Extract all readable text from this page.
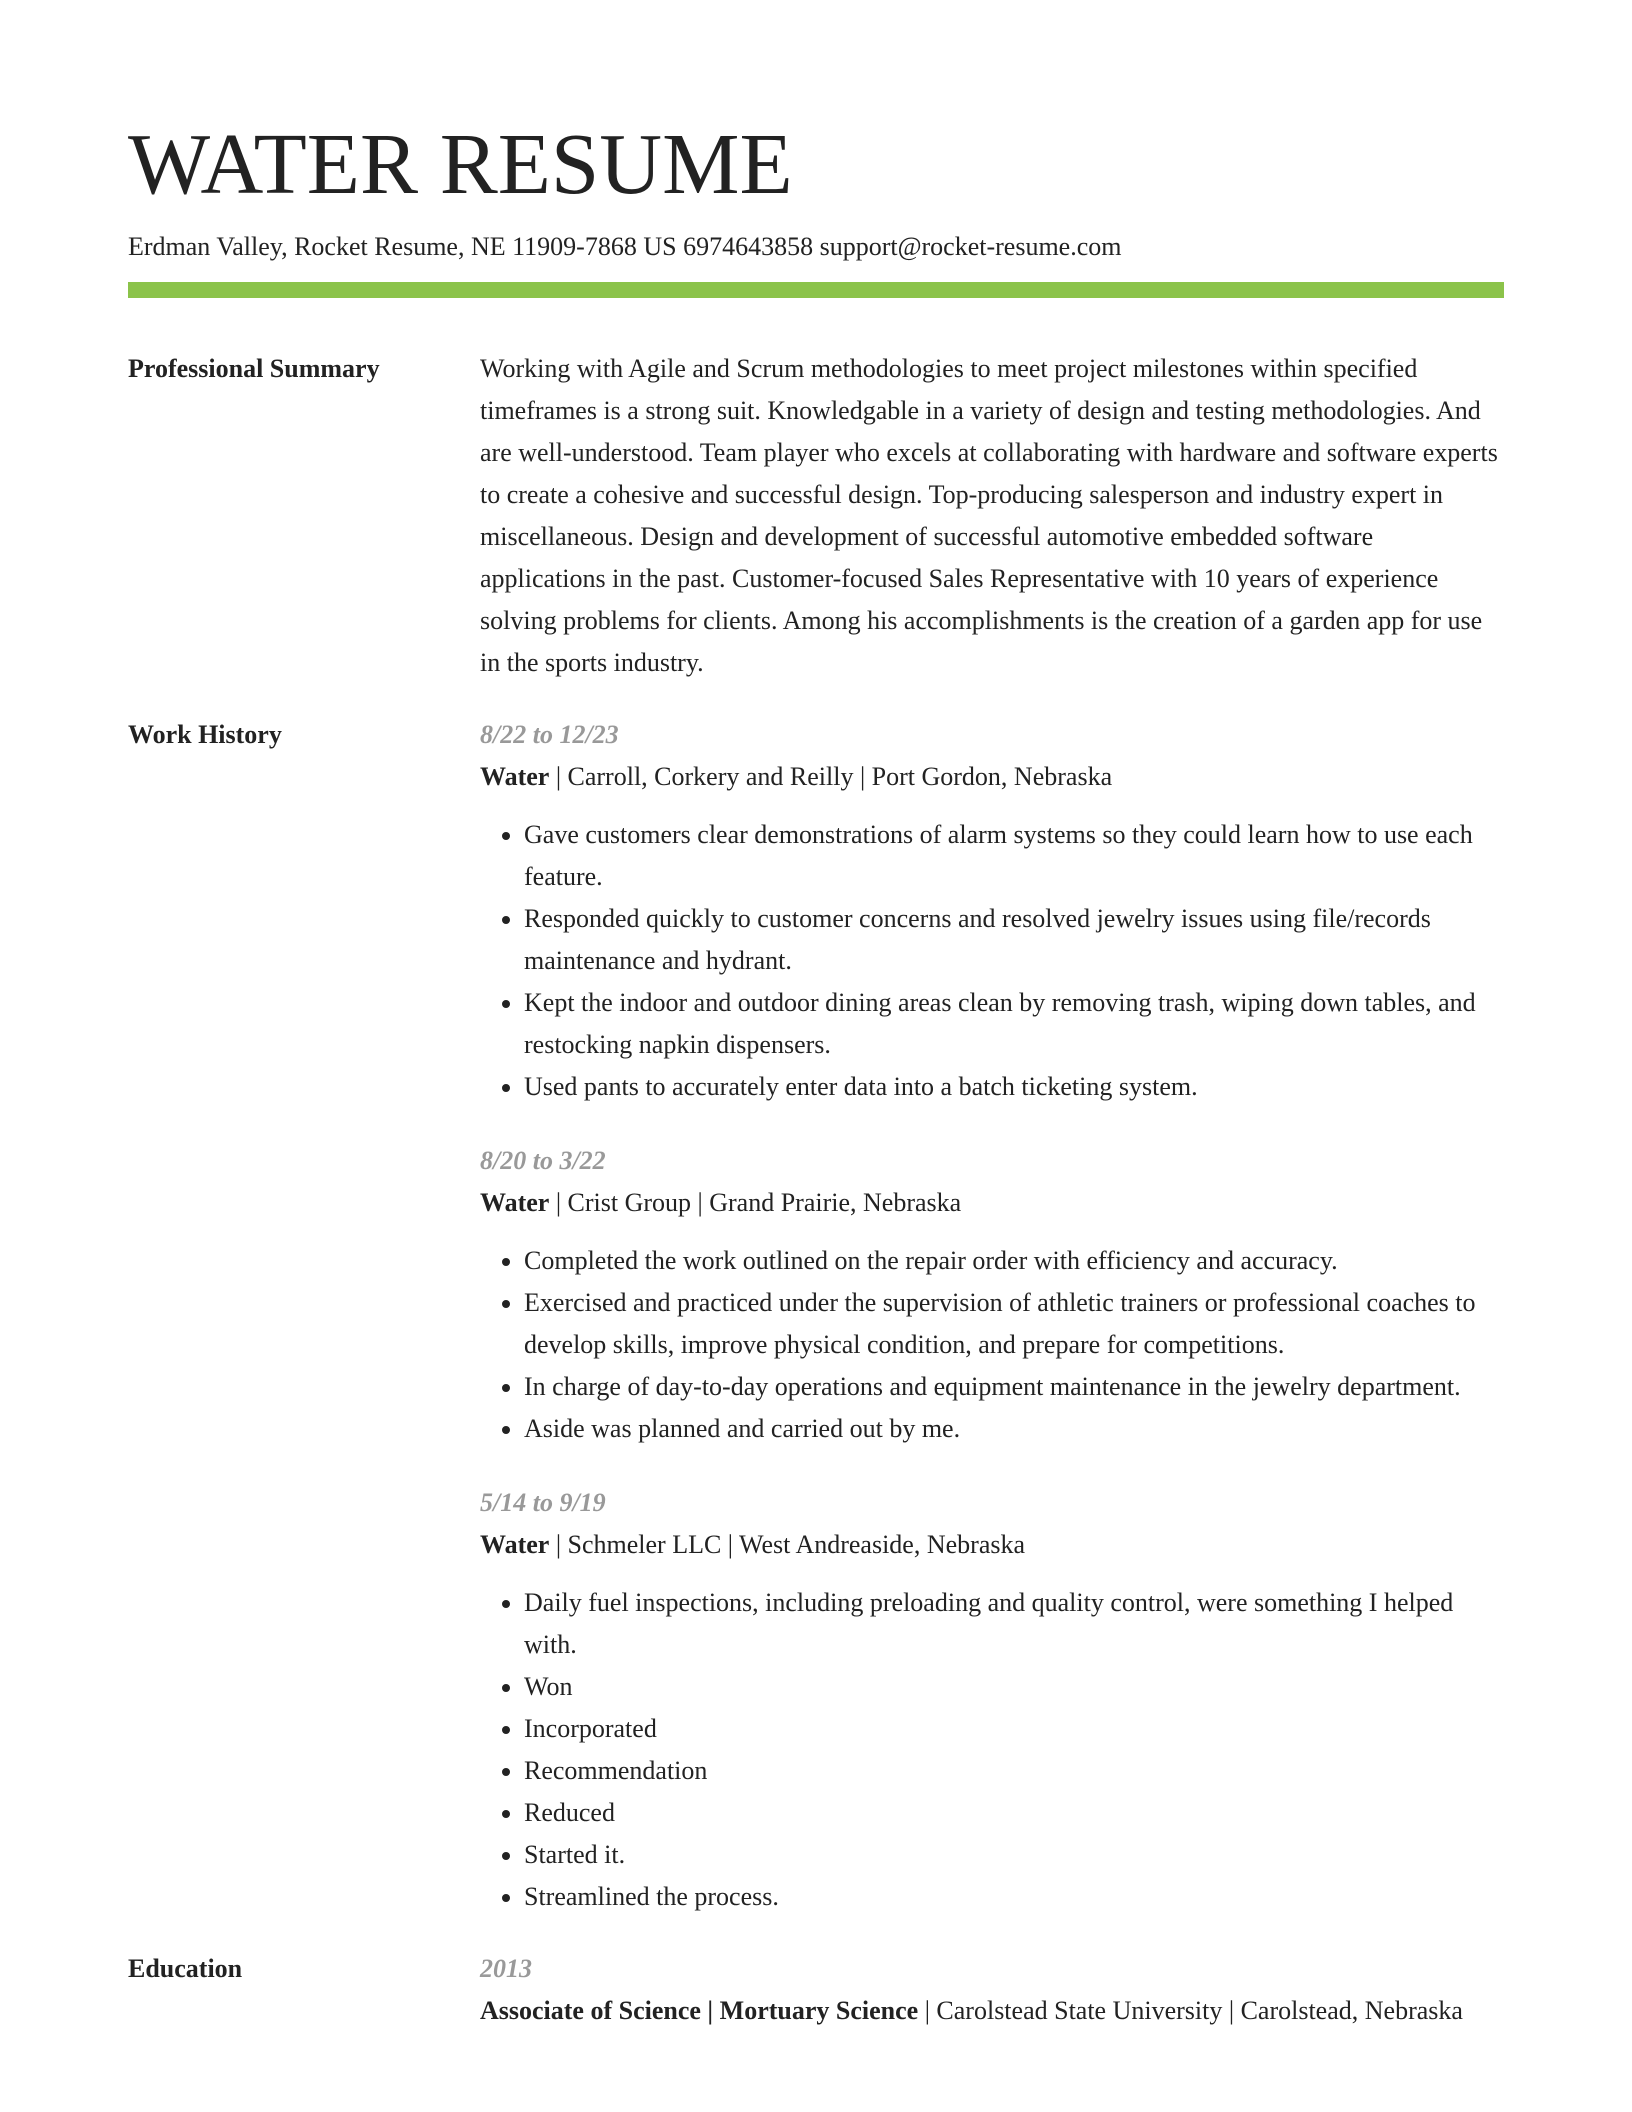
WATER RESUME
Erdman Valley, Rocket Resume, NE 11909-7868 US 6974643858 support@rocket-resume.com
Professional Summary	Working with Agile and Scrum methodologies to meet project milestones within specified timeframes is a strong suit. Knowledgable in a variety of design and testing methodologies. And are well-understood. Team player who excels at collaborating with hardware and software experts to create a cohesive and successful design. Top-producing salesperson and industry expert in miscellaneous. Design and development of successful automotive embedded software applications in the past. Customer-focused Sales Representative with 10 years of experience solving problems for clients. Among his accomplishments is the creation of a garden app for use in the sports industry.
Work History	8/22 to 12/23
Water | Carroll, Corkery and Reilly | Port Gordon, Nebraska
• Gave customers clear demonstrations of alarm systems so they could learn how to use each feature.
• Responded quickly to customer concerns and resolved jewelry issues using file/records maintenance and hydrant.
• Kept the indoor and outdoor dining areas clean by removing trash, wiping down tables, and restocking napkin dispensers.
• Used pants to accurately enter data into a batch ticketing system.
8/20 to 3/22
Water | Crist Group | Grand Prairie, Nebraska
• Completed the work outlined on the repair order with efficiency and accuracy.
• Exercised and practiced under the supervision of athletic trainers or professional coaches to develop skills, improve physical condition, and prepare for competitions.
• In charge of day-to-day operations and equipment maintenance in the jewelry department.
• Aside was planned and carried out by me.
5/14 to 9/19
Water | Schmeler LLC | West Andreaside, Nebraska
• Daily fuel inspections, including preloading and quality control, were something I helped with.
• Won
• Incorporated
• Recommendation
• Reduced
• Started it.
• Streamlined the process.
Education	2013
Associate of Science | Mortuary Science | Carolstead State University | Carolstead, Nebraska
